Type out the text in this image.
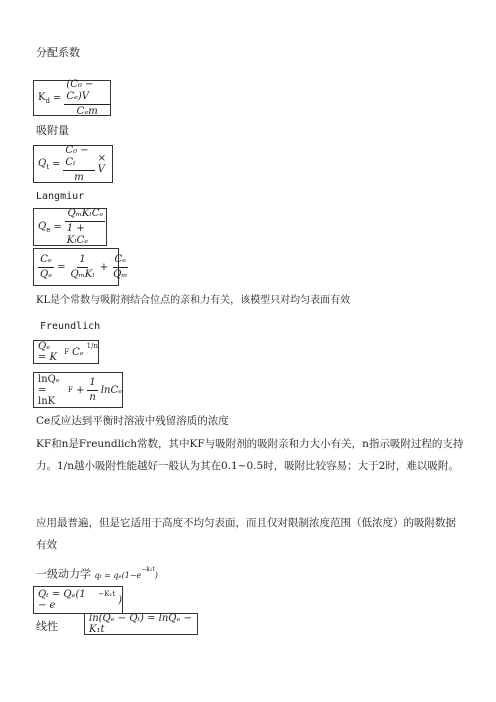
分配系数
$K_d = \frac{\text{(C₀ − Cₑ)V}}{\text{Cₑm}}$
吸附量
$Q_t = \frac{\text{C₀ − Cₜ}}{m} \times V$
Langmiur
$Q_e = \frac{\text{QₘKₗCₑ}}{\text{1 + KₗCₑ}}$
$\frac{\text{Cₑ}}{\text{Qₑ}} = \frac{1}{\text{QₘKₗ}} + \frac{\text{Cₑ}}{\text{Qₘ}}$
KL是个常数与吸附剂结合位点的亲和力有关，该模型只对均匀表面有效
Freundlich
Qₑ = K	F Cₑ
$^{1/n}$
lnQₑ = lnK
$F + \frac{1}{n}$ lnCₑ
Ce反应达到平衡时溶液中残留溶质的浓度
KF和n是Freundlich常数，其中KF与吸附剂的吸附亲和力大小有关，n指示吸附过程的支持力。1/n越小吸附性能越好一般认为其在0.1~0.5时，吸附比较容易；大于2时，难以吸附。
应用最普遍，但是它适用于高度不均匀表面，而且仅对限制浓度范围（低浓度）的吸附数据有效
一级动力学 $q_t = q_e(1-e^{-k_1t})$
Qₜ = Qₑ(1 − e
$^{-K_1t}$
)
线性
ln(Qₑ − Qₜ) = lnQₑ − K₁t
